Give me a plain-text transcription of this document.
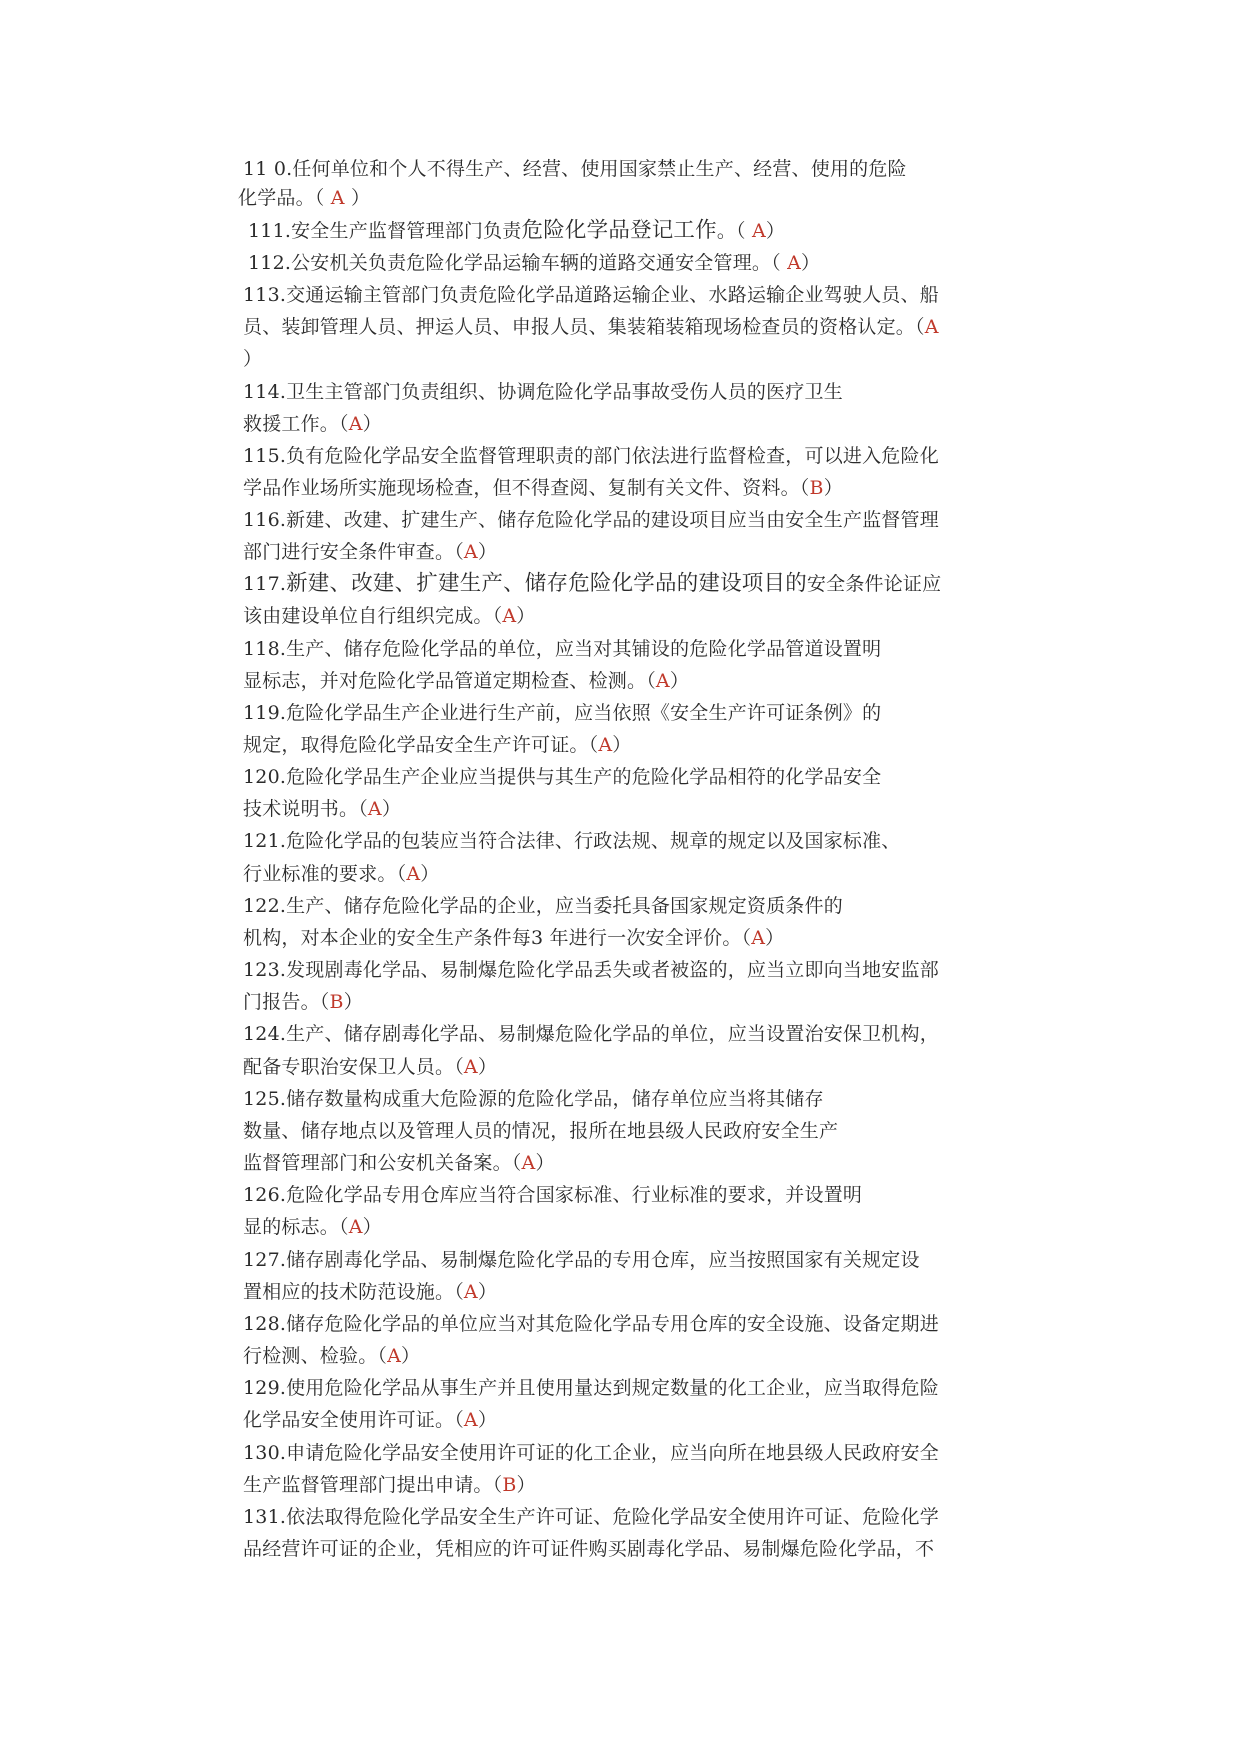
11 0.任何单位和个人不得生产、经营、使用国家禁止生产、经营、使用的危险
化学品。（ A ）
111.安全生产监督管理部门负责危险化学品登记工作。（ A）
112.公安机关负责危险化学品运输车辆的道路交通安全管理。（ A）
113.交通运输主管部门负责危险化学品道路运输企业、水路运输企业驾驶人员、船
员、装卸管理人员、押运人员、申报人员、集装箱装箱现场检查员的资格认定。（A
）
114.卫生主管部门负责组织、协调危险化学品事故受伤人员的医疗卫生
救援工作。（A）
115.负有危险化学品安全监督管理职责的部门依法进行监督检查，可以进入危险化
学品作业场所实施现场检查，但不得查阅、复制有关文件、资料。（B）
116.新建、改建、扩建生产、储存危险化学品的建设项目应当由安全生产监督管理
部门进行安全条件审查。（A）
117.新建、改建、扩建生产、储存危险化学品的建设项目的安全条件论证应
该由建设单位自行组织完成。（A）
118.生产、储存危险化学品的单位，应当对其铺设的危险化学品管道设置明
显标志，并对危险化学品管道定期检查、检测。（A）
119.危险化学品生产企业进行生产前，应当依照《安全生产许可证条例》的
规定，取得危险化学品安全生产许可证。（A）
120.危险化学品生产企业应当提供与其生产的危险化学品相符的化学品安全
技术说明书。（A）
121.危险化学品的包装应当符合法律、行政法规、规章的规定以及国家标准、
行业标准的要求。（A）
122.生产、储存危险化学品的企业，应当委托具备国家规定资质条件的
机构，对本企业的安全生产条件每3 年进行一次安全评价。（A）
123.发现剧毒化学品、易制爆危险化学品丢失或者被盗的，应当立即向当地安监部
门报告。（B）
124.生产、储存剧毒化学品、易制爆危险化学品的单位，应当设置治安保卫机构，
配备专职治安保卫人员。（A）
125.储存数量构成重大危险源的危险化学品，储存单位应当将其储存
数量、储存地点以及管理人员的情况，报所在地县级人民政府安全生产
监督管理部门和公安机关备案。（A）
126.危险化学品专用仓库应当符合国家标准、行业标准的要求，并设置明
显的标志。（A）
127.储存剧毒化学品、易制爆危险化学品的专用仓库，应当按照国家有关规定设
置相应的技术防范设施。（A）
128.储存危险化学品的单位应当对其危险化学品专用仓库的安全设施、设备定期进
行检测、检验。（A）
129.使用危险化学品从事生产并且使用量达到规定数量的化工企业，应当取得危险
化学品安全使用许可证。（A）
130.申请危险化学品安全使用许可证的化工企业，应当向所在地县级人民政府安全
生产监督管理部门提出申请。（B）
131.依法取得危险化学品安全生产许可证、危险化学品安全使用许可证、危险化学
品经营许可证的企业，凭相应的许可证件购买剧毒化学品、易制爆危险化学品，不
